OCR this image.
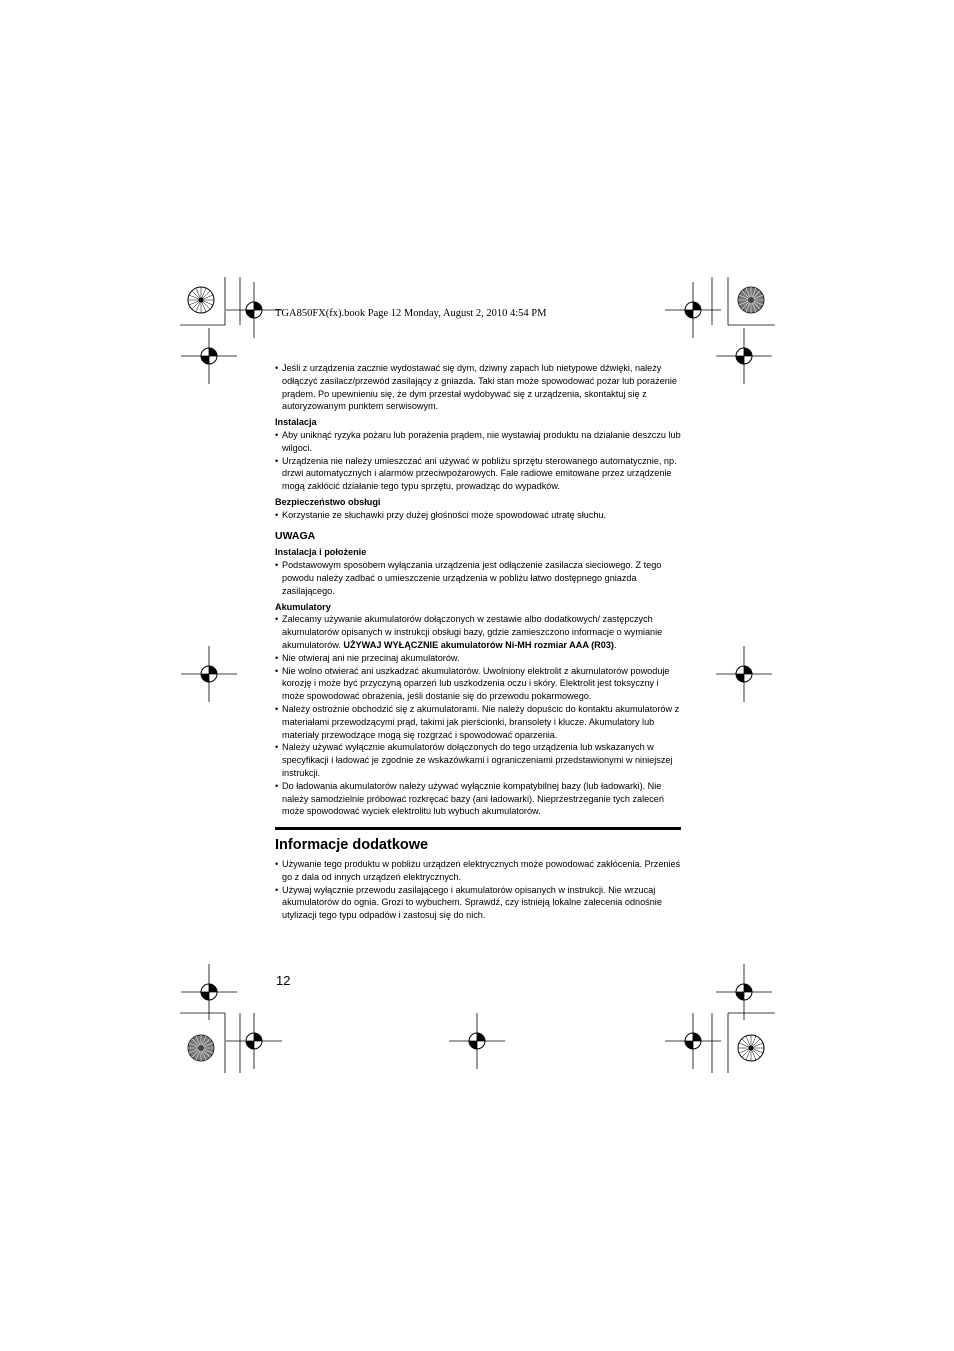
TGA850FX(fx).book Page 12 Monday, August 2, 2010 4:54 PM

• Jeśli z urządzenia zacznie wydostawać się dym, dziwny zapach lub nietypowe dźwięki, należy odłączyć zasilacz/przewód zasilający z gniazda. Taki stan może spowodować pożar lub porażenie prądem. Po upewnieniu się, że dym przestał wydobywać się z urządzenia, skontaktuj się z autoryzowanym punktem serwisowym.

Instalacja

• Aby uniknąć ryzyka pożaru lub porażenia prądem, nie wystawiaj produktu na działanie deszczu lub wilgoci.

• Urządzenia nie należy umieszczać ani używać w pobliżu sprzętu sterowanego automatycznie, np. drzwi automatycznych i alarmów przeciwpożarowych. Fale radiowe emitowane przez urządzenie mogą zakłócić działanie tego typu sprzętu, prowadząc do wypadków.

Bezpieczeństwo obsługi

• Korzystanie ze słuchawki przy dużej głośności może spowodować utratę słuchu.

UWAGA

Instalacja i położenie

• Podstawowym sposobem wyłączania urządzenia jest odłączenie zasilacza sieciowego. Z tego powodu należy zadbać o umieszczenie urządzenia w pobliżu łatwo dostępnego gniazda zasilającego.

Akumulatory

• Zalecamy używanie akumulatorów dołączonych w zestawie albo dodatkowych/ zastępczych akumulatorów opisanych w instrukcji obsługi bazy, gdzie zamieszczono informacje o wymianie akumulatorów. UŻYWAJ WYŁĄCZNIE akumulatorów Ni-MH rozmiar AAA (R03).

• Nie otwieraj ani nie przecinaj akumulatorów.

• Nie wolno otwierać ani uszkadzać akumulatorów. Uwolniony elektrolit z akumulatorów powoduje korozję i może być przyczyną oparzeń lub uszkodzenia oczu i skóry. Elektrolit jest toksyczny i może spowodować obrażenia, jeśli dostanie się do przewodu pokarmowego.

• Należy ostrożnie obchodzić się z akumulatorami. Nie należy dopuścic do kontaktu akumulatorów z materiałami przewodzącymi prąd, takimi jak pierścionki, bransolety i klucze. Akumulatory lub materiały przewodzące mogą się rozgrzać i spowodować oparzenia.

• Należy używać wyłącznie akumulatorów dołączonych do tego urządzenia lub wskazanych w specyfikacji i ładować je zgodnie ze wskazówkami i ograniczeniami przedstawionymi w niniejszej instrukcji.

• Do ładowania akumulatorów należy używać wyłącznie kompatybilnej bazy (lub ładowarki). Nie należy samodzielnie próbować rozkręcać bazy (ani ładowarki). Nieprzestrzeganie tych zaleceń może spowodować wyciek elektrolitu lub wybuch akumulatorów.

Informacje dodatkowe

• Używanie tego produktu w pobliżu urządzeń elektrycznych może powodować zakłócenia. Przenieś go z dala od innych urządzeń elektrycznych.

• Używaj wyłącznie przewodu zasilającego i akumulatorów opisanych w instrukcji. Nie wrzucaj akumulatorów do ognia. Grozi to wybuchem. Sprawdź, czy istnieją lokalne zalecenia odnośnie utylizacji tego typu odpadów i zastosuj się do nich.

12
